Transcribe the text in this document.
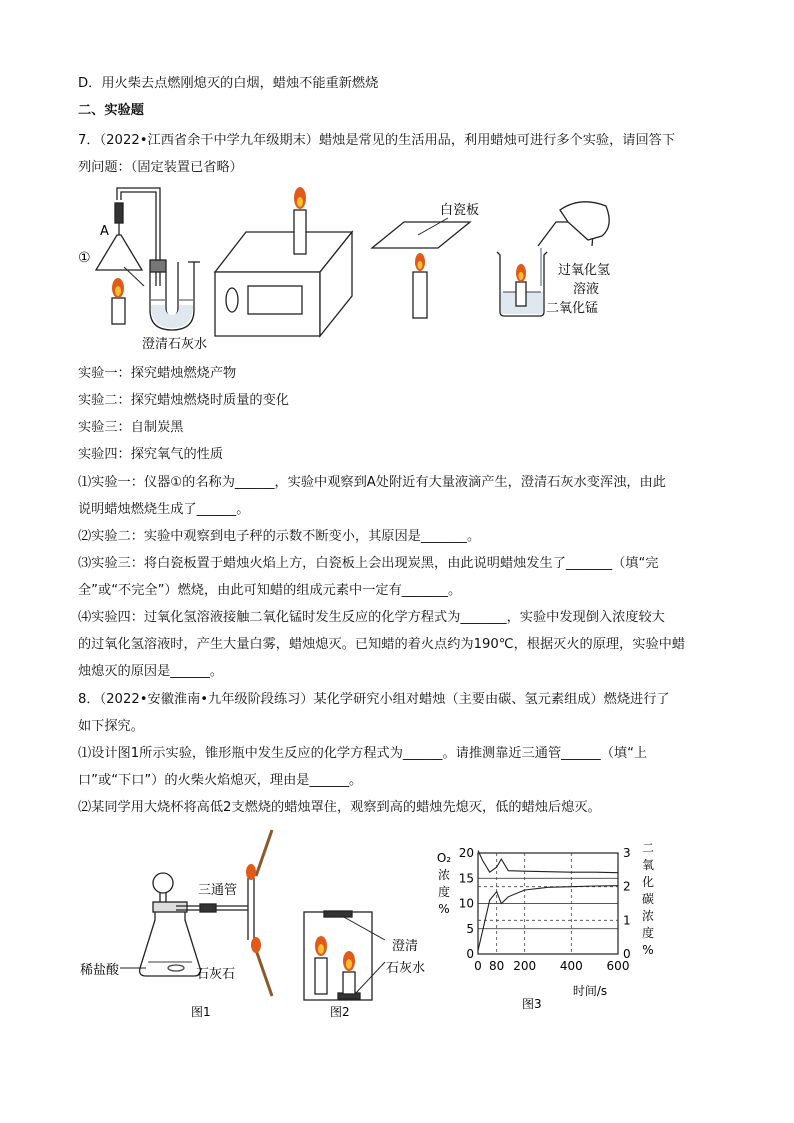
D．用火柴去点燃刚熄灭的白烟，蜡烛不能重新燃烧
二、实验题
7．（2022•江西省余干中学九年级期末）蜡烛是常见的生活用品，利用蜡烛可进行多个实验，请回答下
列问题：（固定装置已省略）
A
①
澄清石灰水
白瓷板
过氧化氢
溶液
二氧化锰
实验一：探究蜡烛燃烧产物
实验二：探究蜡烛燃烧时质量的变化
实验三：自制炭黑
实验四：探究氧气的性质
⑴实验一：仪器①的名称为______，实验中观察到A处附近有大量液滴产生，澄清石灰水变浑浊，由此
说明蜡烛燃烧生成了______。
⑵实验二：实验中观察到电子秤的示数不断变小，其原因是_______。
⑶实验三：将白瓷板置于蜡烛火焰上方，白瓷板上会出现炭黑，由此说明蜡烛发生了_______（填“完
全”或“不完全”）燃烧，由此可知蜡的组成元素中一定有_______。
⑷实验四：过氧化氢溶液接触二氧化锰时发生反应的化学方程式为_______，实验中发现倒入浓度较大
的过氧化氢溶液时，产生大量白雾，蜡烛熄灭。已知蜡的着火点约为190℃，根据灭火的原理，实验中蜡
烛熄灭的原因是______。
8．（2022•安徽淮南•九年级阶段练习）某化学研究小组对蜡烛（主要由碳、氢元素组成）燃烧进行了
如下探究。
⑴设计图1所示实验，锥形瓶中发生反应的化学方程式为______。请推测靠近三通管______（填“上
口”或“下口”）的火柴火焰熄灭，理由是______。
⑵某同学用大烧杯将高低2支燃烧的蜡烛罩住，观察到高的蜡烛先熄灭，低的蜡烛后熄灭。
三通管
稀盐酸	石灰石
图1
澄清
石灰水
图2
图3
0 80 200 400 600
0
5
10
15
20
0
1
2
3
O₂
浓
度
%
二
氧
化
碳
浓
度
%
时间/s
